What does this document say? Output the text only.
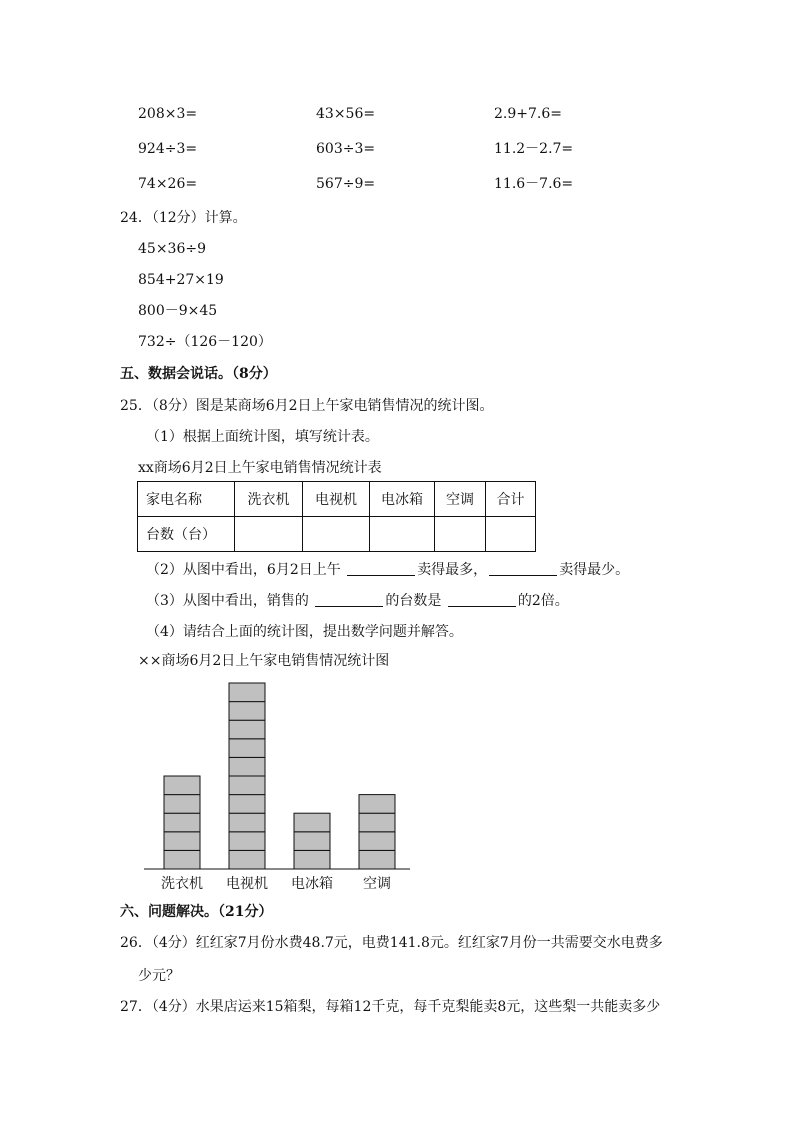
208×3=	43×56=	2.9+7.6=
924÷3=	603÷3=	11.2－2.7=
74×26=	567÷9=	11.6－7.6=
24．（12分）计算。
45×36÷9
854+27×19
800－9×45
732÷（126－120）
五、数据会说话。（8分）
25．（8分）图是某商场6月2日上午家电销售情况的统计图。
（1）根据上面统计图，填写统计表。
xx商场6月2日上午家电销售情况统计表
家电名称	洗衣机	电视机	电冰箱	空调	合计
台数（台）					
（2）从图中看出，6月2日上午	卖得最多，	卖得最少。
（3）从图中看出，销售的	的台数是	的2倍。
（4）请结合上面的统计图，提出数学问题并解答。
××商场6月2日上午家电销售情况统计图
洗衣机 电视机 电冰箱 空调
六、问题解决。（21分）
26．（4分）红红家7月份水费48.7元，电费141.8元。红红家7月份一共需要交水电费多
少元？
27．（4分）水果店运来15箱梨，每箱12千克，每千克梨能卖8元，这些梨一共能卖多少
